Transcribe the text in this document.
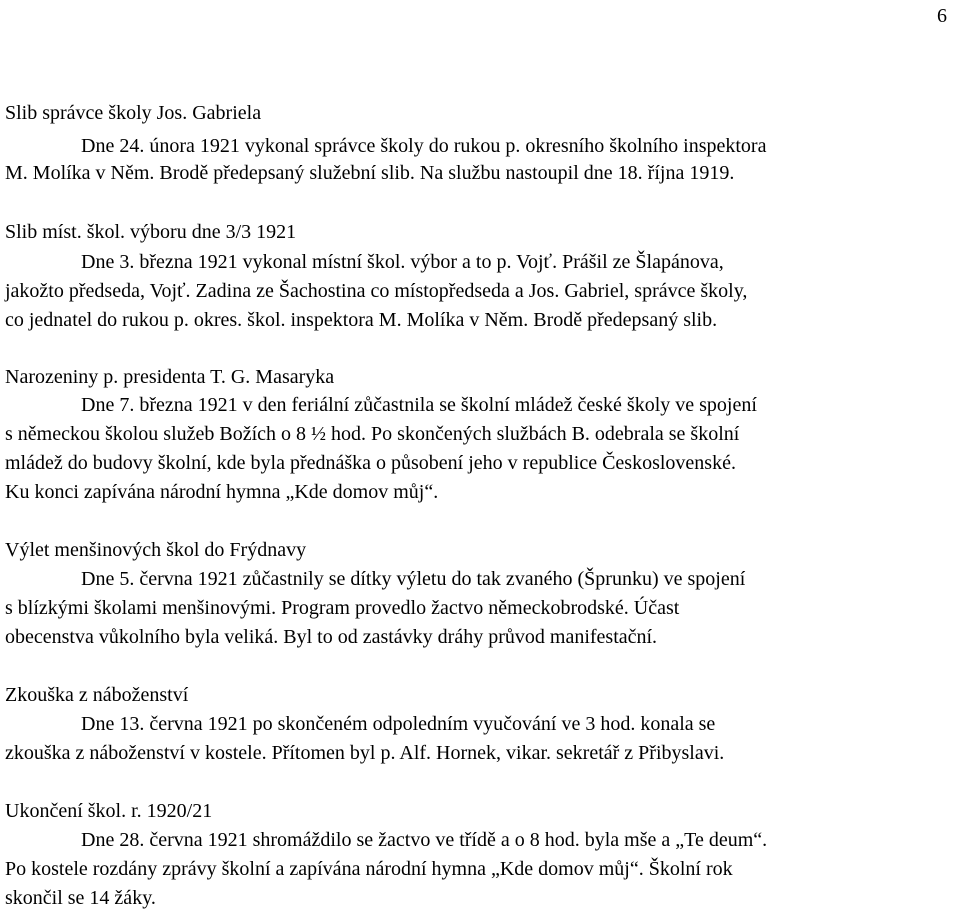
6
Slib správce školy Jos. Gabriela
Dne 24. února 1921 vykonal správce školy do rukou p. okresního školního inspektora
M. Molíka v Něm. Brodě předepsaný služební slib. Na službu nastoupil dne 18. října 1919.
Slib míst. škol. výboru dne 3/3 1921
Dne 3. března 1921 vykonal místní škol. výbor a to p. Vojť. Prášil ze Šlapánova,
jakožto předseda, Vojť. Zadina ze Šachostina co místopředseda a Jos. Gabriel, správce školy,
co jednatel do rukou p. okres. škol. inspektora M. Molíka v Něm. Brodě předepsaný slib.
Narozeniny p. presidenta T. G. Masaryka
Dne 7. března 1921 v den feriální zůčastnila se školní mládež české školy ve spojení
s německou školou služeb Božích o 8 ½ hod. Po skončených službách B. odebrala se školní
mládež do budovy školní, kde byla přednáška o působení jeho v republice Československé.
Ku konci zapívána národní hymna „Kde domov můj“.
Výlet menšinových škol do Frýdnavy
Dne 5. června 1921 zůčastnily se dítky výletu do tak zvaného (Šprunku) ve spojení
s blízkými školami menšinovými. Program provedlo žactvo německobrodské. Účast
obecenstva vůkolního byla veliká. Byl to od zastávky dráhy průvod manifestační.
Zkouška z náboženství
Dne 13. června 1921 po skončeném odpoledním vyučování ve 3 hod. konala se
zkouška z náboženství v kostele. Přítomen byl p. Alf. Hornek, vikar. sekretář z Přibyslavi.
Ukončení škol. r. 1920/21
Dne 28. června 1921 shromáždilo se žactvo ve třídě a o 8 hod. byla mše a „Te deum“.
Po kostele rozdány zprávy školní a zapívána národní hymna „Kde domov můj“. Školní rok
skončil se 14 žáky.
